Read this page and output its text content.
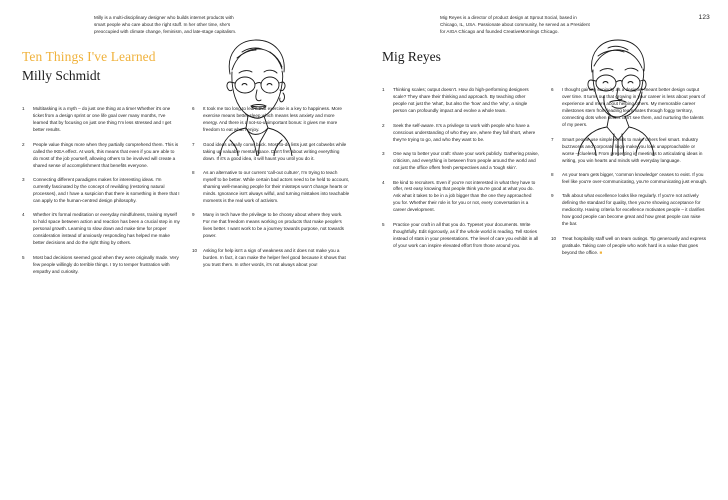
Milly is a multi-disciplinary designer who builds internet products with smart people who care about the right stuff. In her other time, she's preoccupied with climate change, feminism, and late-stage capitalism.

Ten Things I've Learned

Milly Schmidt

1	Multitasking is a myth – do just one thing at a time! Whether it's one ticket from a design sprint or one life goal over many months, I've learned that by focusing on just one thing I'm less stressed and I get better results.
2	People value things more when they partially comprehend them. This is called the IKEA effect. At work, this means that even if you are able to do most of the job yourself, allowing others to be involved will create a shared sense of accomplishment that benefits everyone.
3	Connecting different paradigms makes for interesting ideas. I'm currently fascinated by the concept of rewilding (restoring natural processes), and I have a suspicion that there is something in there that I can apply to the human-centred design philosophy.
4	Whether it's formal meditation or everyday mindfulness, training myself to hold space between action and reaction has been a crucial step in my personal growth. Learning to slow down and make time for proper consideration instead of anxiously responding has helped me make better decisions and do the right thing by others.
5	Most bad decisions seemed good when they were originally made. Very few people willingly do terrible things. I try to temper frustration with empathy and curiosity.
6	It took me too long to learn that exercise is a key to happiness. More exercise means better sleep which means less anxiety and more energy. And there is a not-so-unimportant bonus: it gives me more freedom to eat what I enjoy.
7	Good ideas usually come back. Most to-do lists just get cobwebs while taking up valuable mental space. Don't fret about writing everything down. If it's a good idea, it will haunt you until you do it.
8	As an alternative to our current 'call-out culture', I'm trying to teach myself to be better. While certain bad actors need to be held to account, shaming well-meaning people for their missteps won't change hearts or minds. Ignorance isn't always wilful, and turning mistakes into teachable moments is the real work of activism.
9	Many in tech have the privilege to be choosy about where they work. For me that freedom means working on products that make people's lives better. I want work to be a journey towards purpose, not towards power.
10	Asking for help isn't a sign of weakness and it does not make you a burden. In fact, it can make the helper feel good because it shows that you trust them. In other words, it's not always about you!
123
Mig Reyes is a director of product design at Sprout Social, based in Chicago, IL, USA. Passionate about community, he served as a President for AIGA Chicago and founded CreativeMornings Chicago.

Mig Reyes

1	Thinking scales; output doesn't. How do high-performing designers scale? They share their thinking and approach. By teaching other people not just the 'what', but also the 'how' and the 'why', a single person can profoundly impact and evolve a whole team.
2	Seek the self-aware. It's a privilege to work with people who have a conscious understanding of who they are, where they fall short, where they're trying to go, and who they want to be.
3	One way to better your craft: share your work publicly. Gathering praise, criticism, and everything in between from people around the world and not just the office offers fresh perspectives and a 'tough skin'.
4	Be kind to recruiters. Even if you're not interested in what they have to offer, rest easy knowing that people think you're good at what you do. Ask what it takes to be in a job bigger than the one they approached you for. Whether their role is for you or not, every conversation is a career development.
5	Practice your craft in all that you do. Typeset your documents. Write thoughtfully. Edit rigorously, as if the whole world is reading. Tell stories instead of stats in your presentations. The level of care you exhibit in all of your work can inspire elevated effort from those around you.
6	I thought gaining seniority as a designer meant better design output over time. It turns out that growing in your career is less about years of experience and more about helping others. My memorable career milestones stem from leading teammates through foggy territory, connecting dots when others can't see them, and nurturing the talents of my peers.
7	Smart people use simple words to make others feel smart. Industry buzzwords and corporate lingo make you look unapproachable or worse – clueless. From presenting in meetings to articulating ideas in writing, you win hearts and minds with everyday language.
8	As your team gets bigger, 'common knowledge' ceases to exist. If you feel like you're over-communicating, you're communicating just enough.
9	Talk about what excellence looks like regularly. If you're not actively defining the standard for quality, then you're showing acceptance for mediocrity. Having criteria for excellence motivates people – it clarifies how good people can become great and how great people can raise the bar.
10	Treat hospitality staff well on team outings. Tip generously and express gratitude. Taking care of people who work hard is a value that goes beyond the office. ■
